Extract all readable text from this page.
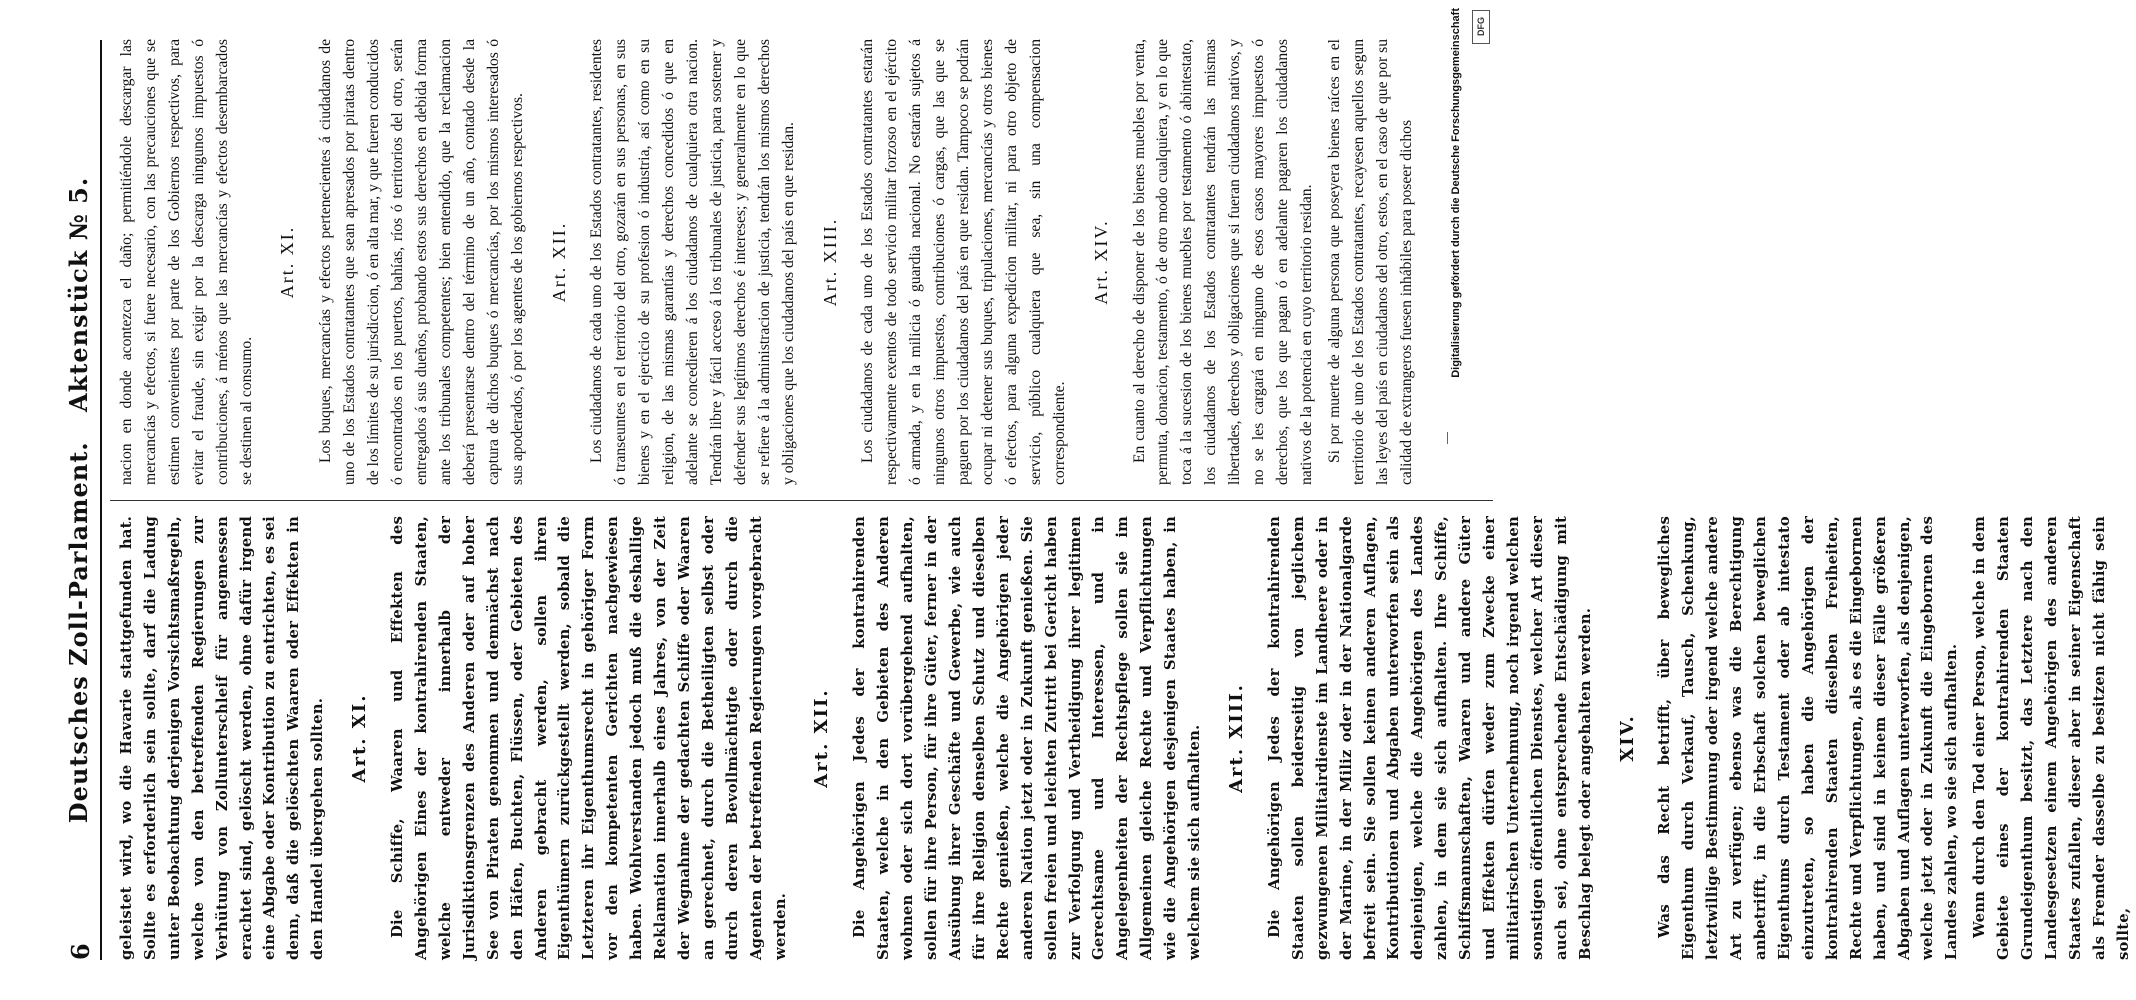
6
Deutsches Zoll-Parlament. Aktenstück № 5.

geleistet wird, wo die Havarie stattgefunden hat. Sollte es erforderlich sein sollte, darf die Ladung unter Beobachtung derjenigen Vorsichtsmaßregeln, welche von den betreffenden Regierungen zur Verhütung von Zollunterschleif für angemessen erachtet sind, gelöscht werden, ohne dafür irgend eine Abgabe oder Kontribution zu entrichten, es sei denn, daß die gelöschten Waaren oder Effekten in den Handel übergehen sollten. Art. XI. Die Schiffe, Waaren und Effekten des Angehörigen Eines der kontrahirenden Staaten, welche entweder innerhalb der Jurisdiktionsgrenzen des Anderen oder auf hoher See von Piraten genommen und demnächst nach den Häfen, Buchten, Flüssen, oder Gebieten des Anderen gebracht werden, sollen ihren Eigenthümern zurückgestellt werden, sobald die Letzteren ihr Eigenthumsrecht in gehöriger Form vor den kompetenten Gerichten nachgewiesen haben. Wohlverstanden jedoch muß die deshallige Reklamation innerhalb eines Jahres, von der Zeit der Wegnahme der gedachten Schiffe oder Waaren an gerechnet, durch die Betheiligten selbst oder durch deren Bevollmächtigte oder durch die Agenten der betreffenden Regierungen vorgebracht werden.

Art. XII. Die Angehörigen Jedes der kontrahirenden Staaten, welche in den Gebieten des Anderen wohnen oder sich dort vorübergehend aufhalten, sollen für ihre Person, für ihre Güter, ferner in der Ausübung ihrer Geschäfte und Gewerbe, wie auch für ihre Religion denselben Schutz und dieselben Rechte genießen, welche die Angehörigen jeder anderen Nation jetzt oder in Zukunft genießen. Sie sollen freien und leichten Zutritt bei Gericht haben zur Verfolgung und Vertheidigung ihrer legitimen Gerechtsame und Interessen, und in Angelegenheiten der Rechtspflege sollen sie im Allgemeinen gleiche Rechte und Verpflichtungen wie die Angehörigen desjenigen Staates haben, in welchem sie sich aufhalten. Art. XIII. Die Angehörigen Jedes der kontrahirenden Staaten sollen beiderseitig von jeglichem gezwungenen Militairdienste im Landheere oder in der Marine, in der Miliz oder in der Nationalgarde befreit sein. Sie sollen keinen anderen Auflagen, Kontributionen und Abgaben unterworfen sein als denjenigen, welche die Angehörigen des Landes zahlen, in dem sie sich aufhalten. Ihre Schiffe, Schiffsmannschaften, Waaren und andere Güter und Effekten dürfen weder zum Zwecke einer militairischen Unternehmung, noch irgend welchen sonstigen öffentlichen Dienstes, welcher Art dieser auch sei, ohne entsprechende Entschädigung mit Beschlag belegt oder angehalten werden. XIV. Was das Recht betrifft, über bewegliches Eigenthum durch Verkauf, Tausch, Schenkung, letztwillige Bestimmung oder irgend welche andere Art zu verfügen; ebenso was die Berechtigung anbetrifft, in die Erbschaft solchen beweglichen Eigenthums durch Testament oder ab intestato einzutreten, so haben die Angehörigen der kontrahirenden Staaten dieselben Freiheiten, Rechte und Verpflichtungen, als es die Eingebornen haben, und sind in keinem dieser Fälle größeren Abgaben und Auflagen unterworfen, als denjenigen, welche jetzt oder in Zukunft die Eingebornen des Landes zahlen, wo sie sich aufhalten. Wenn durch den Tod einer Person, welche in dem Gebiete eines der kontrahirenden Staaten Grundeigenthum besitzt, das Letztere nach den Landesgesetzen einem Angehörigen des anderen Staates zufallen, dieser aber in seiner Eigenschaft als Fremder dasselbe zu besitzen nicht fähig sein sollte,

nacion en donde acontezca el daño; permitiéndole descargar las mercancías y efectos, si fuere necesario, con las precauciones que se estimen convenientes por parte de los Gobiernos respectivos, para evitar el fraude, sin exigir por la descarga ningunos impuestos ó contribuciones, á ménos que las mercancías y efectos desembarcados se destinen al consumo.

Art. XI. Los buques, mercancías y efectos pertenecientes á ciudadanos de uno de los Estados contratantes que sean apresados por piratas dentro de los límites de su jurisdiccion, ó en alta mar, y que fueren conducidos ó encontrados en los puertos, bahías, ríos ó territorios del otro, serán entregados á sus dueños, probando estos sus derechos en debida forma ante los tribunales competentes; bien entendido, que la reclamacion deberá presentarse dentro del término de un año, contado desde la captura de dichos buques ó mercancías, por los mismos interesados ó sus apoderados, ó por los agentes de los gobiernos respectivos. Art. XII. Los ciudadanos de cada uno de los Estados contratantes, residentes ó transeuntes en el territorio del otro, gozarán en sus personas, en sus bienes y en el ejercicio de su profesion ó industria, así como en su religion, de las mismas garantías y derechos concedidos ó que en adelante se concedieren á los ciudadanos de cualquiera otra nacion. Tendrán libre y fácil acceso á los tribunales de justicia, para sostener y defender sus legítimos derechos é intereses; y generalmente en lo que se refiere á la administracion de justicia, tendrán los mismos derechos y obligaciones que los ciudadanos del país en que residan. Art. XIII. Los ciudadanos de cada uno de los Estados contratantes estarán respectivamente exentos de todo servicio militar forzoso en el ejército ó armada, y en la milicia ó guardia nacional. No estarán sujetos á ningunos otros impuestos, contribuciones ó cargas, que las que se paguen por los ciudadanos del país en que residan. Tampoco se podrán ocupar ni detener sus buques, tripulaciones, mercancías y otros bienes ó efectos, para alguna expedicion militar, ni para otro objeto de servicio, público cualquiera que sea, sin una compensacion correspondiente.

Art. XIV. En cuanto al derecho de disponer de los bienes muebles por venta, permuta, donacion, testamento, ó de otro modo cualquiera, y en lo que toca á la sucesion de los bienes muebles por testamento ó abintestato, los ciudadanos de los Estados contratantes tendrán las mismas libertades, derechos y obligaciones que si fueran ciudadanos nativos, y no se les cargará en ninguno de esos casos mayores impuestos ó derechos, que los que pagan ó en adelante pagaren los ciudadanos nativos de la potencia en cuyo territorio residan. Si por muerte de alguna persona que poseyera bienes raíces en el territorio de uno de los Estados contratantes, recayesen aquellos segun las leyes del país en ciudadanos del otro, estos, en el caso de que por su calidad de extrangeros fuesen inhábiles para poseer dichos	Digitalisierung gefördert durch die Deutsche Forschungsgemeinschaft	DFG
